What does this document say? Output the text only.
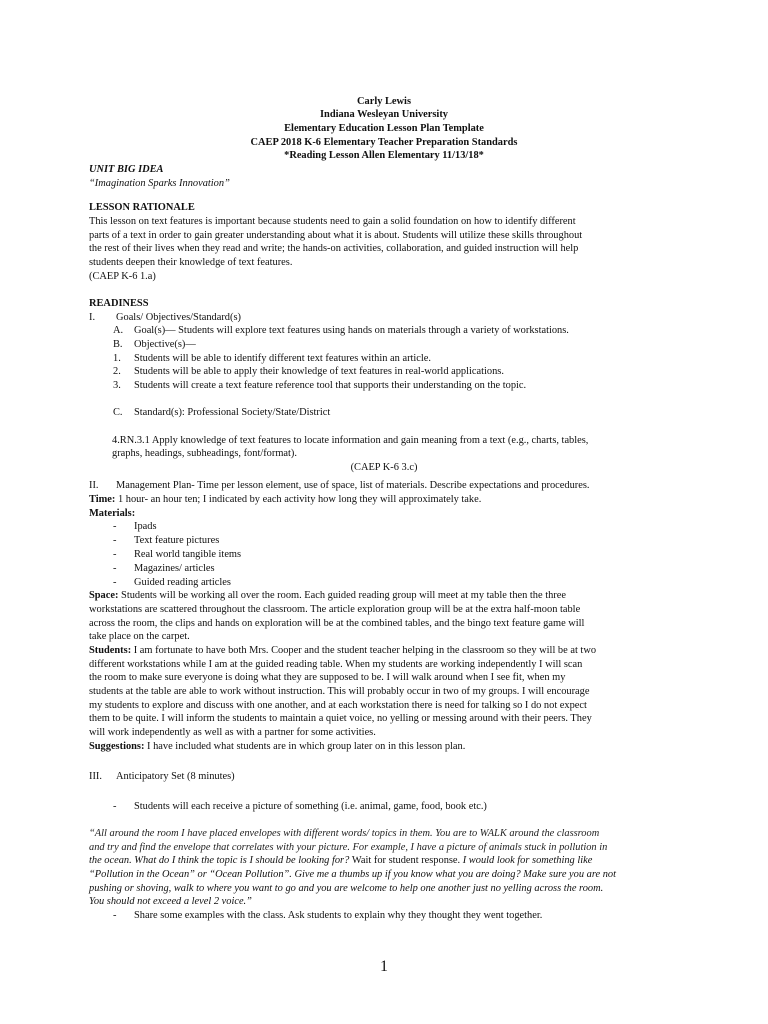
Carly Lewis
Indiana Wesleyan University
Elementary Education Lesson Plan Template
CAEP 2018 K-6 Elementary Teacher Preparation Standards
*Reading Lesson Allen Elementary 11/13/18*
UNIT BIG IDEA
“Imagination Sparks Innovation”
LESSON RATIONALE
This lesson on text features is important because students need to gain a solid foundation on how to identify different
parts of a text in order to gain greater understanding about what it is about. Students will utilize these skills throughout
the rest of their lives when they read and write; the hands-on activities, collaboration, and guided instruction will help
students deepen their knowledge of text features.
(CAEP K-6 1.a)
READINESS
I.	Goals/ Objectives/Standard(s)
A.	Goal(s)— Students will explore text features using hands on materials through a variety of workstations.
B.	Objective(s)—
1.	Students will be able to identify different text features within an article.
2.	Students will be able to apply their knowledge of text features in real-world applications.
3.	Students will create a text feature reference tool that supports their understanding on the topic.
C.	Standard(s): Professional Society/State/District
4.RN.3.1 Apply knowledge of text features to locate information and gain meaning from a text (e.g., charts, tables,
graphs, headings, subheadings, font/format).
(CAEP K-6 3.c)
II.	Management Plan- Time per lesson element, use of space, list of materials. Describe expectations and procedures.
Time: 1 hour- an hour ten; I indicated by each activity how long they will approximately take.
Materials:
-	Ipads
-	Text feature pictures
-	Real world tangible items
-	Magazines/ articles
-	Guided reading articles
Space: Students will be working all over the room. Each guided reading group will meet at my table then the three
workstations are scattered throughout the classroom. The article exploration group will be at the extra half-moon table
across the room, the clips and hands on exploration will be at the combined tables, and the bingo text feature game will
take place on the carpet.
Students: I am fortunate to have both Mrs. Cooper and the student teacher helping in the classroom so they will be at two
different workstations while I am at the guided reading table. When my students are working independently I will scan
the room to make sure everyone is doing what they are supposed to be. I will walk around when I see fit, when my
students at the table are able to work without instruction. This will probably occur in two of my groups. I will encourage
my students to explore and discuss with one another, and at each workstation there is need for talking so I do not expect
them to be quite. I will inform the students to maintain a quiet voice, no yelling or messing around with their peers. They
will work independently as well as with a partner for some activities.
Suggestions: I have included what students are in which group later on in this lesson plan.
III.	Anticipatory Set (8 minutes)
-	Students will each receive a picture of something (i.e. animal, game, food, book etc.)
“All around the room I have placed envelopes with different words/ topics in them. You are to WALK around the classroom
and try and find the envelope that correlates with your picture. For example, I have a picture of animals stuck in pollution in
the ocean. What do I think the topic is I should be looking for? Wait for student response. I would look for something like
“Pollution in the Ocean” or “Ocean Pollution”. Give me a thumbs up if you know what you are doing? Make sure you are not
pushing or shoving, walk to where you want to go and you are welcome to help one another just no yelling across the room.
You should not exceed a level 2 voice.”
-	Share some examples with the class. Ask students to explain why they thought they went together.
1
